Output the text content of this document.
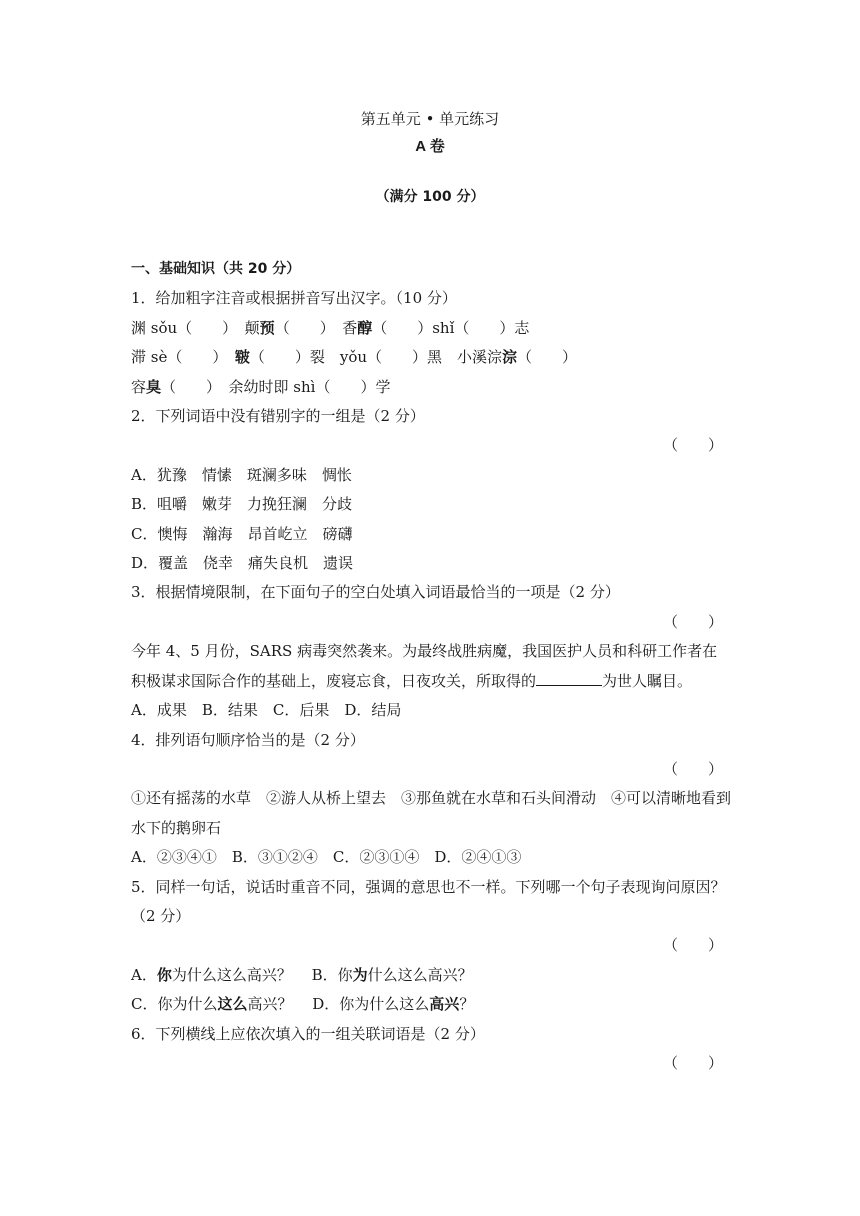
第五单元 • 单元练习
A 卷
（满分 100 分）
一、基础知识（共 20 分）
1．给加粗字注音或根据拼音写出汉字。（10 分）
渊 sǒu（　　）　颠预（　　）　香醇（　　）shǐ（　　）志
滞 sè（　　）　皲（　　）裂　yǒu（　　）黑　小溪淙淙（　　）
容臭（　　）　余幼时即 shì（　　）学
2．下列词语中没有错别字的一组是（2 分）
（　　）
A．犹豫　情愫　斑澜多味　惆怅
B．咀嚼　嫩芽　力挽狂澜　分歧
C．懊悔　瀚海　昂首屹立　磅礴
D．覆盖　侥幸　痛失良机　遗误
3．根据情境限制，在下面句子的空白处填入词语最恰当的一项是（2 分）
（　　）
今年 4、5 月份，SARS 病毒突然袭来。为最终战胜病魔，我国医护人员和科研工作者在积极谋求国际合作的基础上，废寝忘食，日夜攻关，所取得的	为世人瞩目。
A．成果　B．结果　C．后果　D．结局
4．排列语句顺序恰当的是（2 分）
（　　）
①还有摇荡的水草　②游人从桥上望去　③那鱼就在水草和石头间滑动　④可以清晰地看到水下的鹅卵石
A．②③④①　B．③①②④　C．②③①④　D．②④①③
5．同样一句话，说话时重音不同，强调的意思也不一样。下列哪一个句子表现询问原因？（2 分）
（　　）
A．你为什么这么高兴？　 B．你为什么这么高兴？
C．你为什么这么高兴？　 D．你为什么这么高兴？
6．下列横线上应依次填入的一组关联词语是（2 分）
（　　）
